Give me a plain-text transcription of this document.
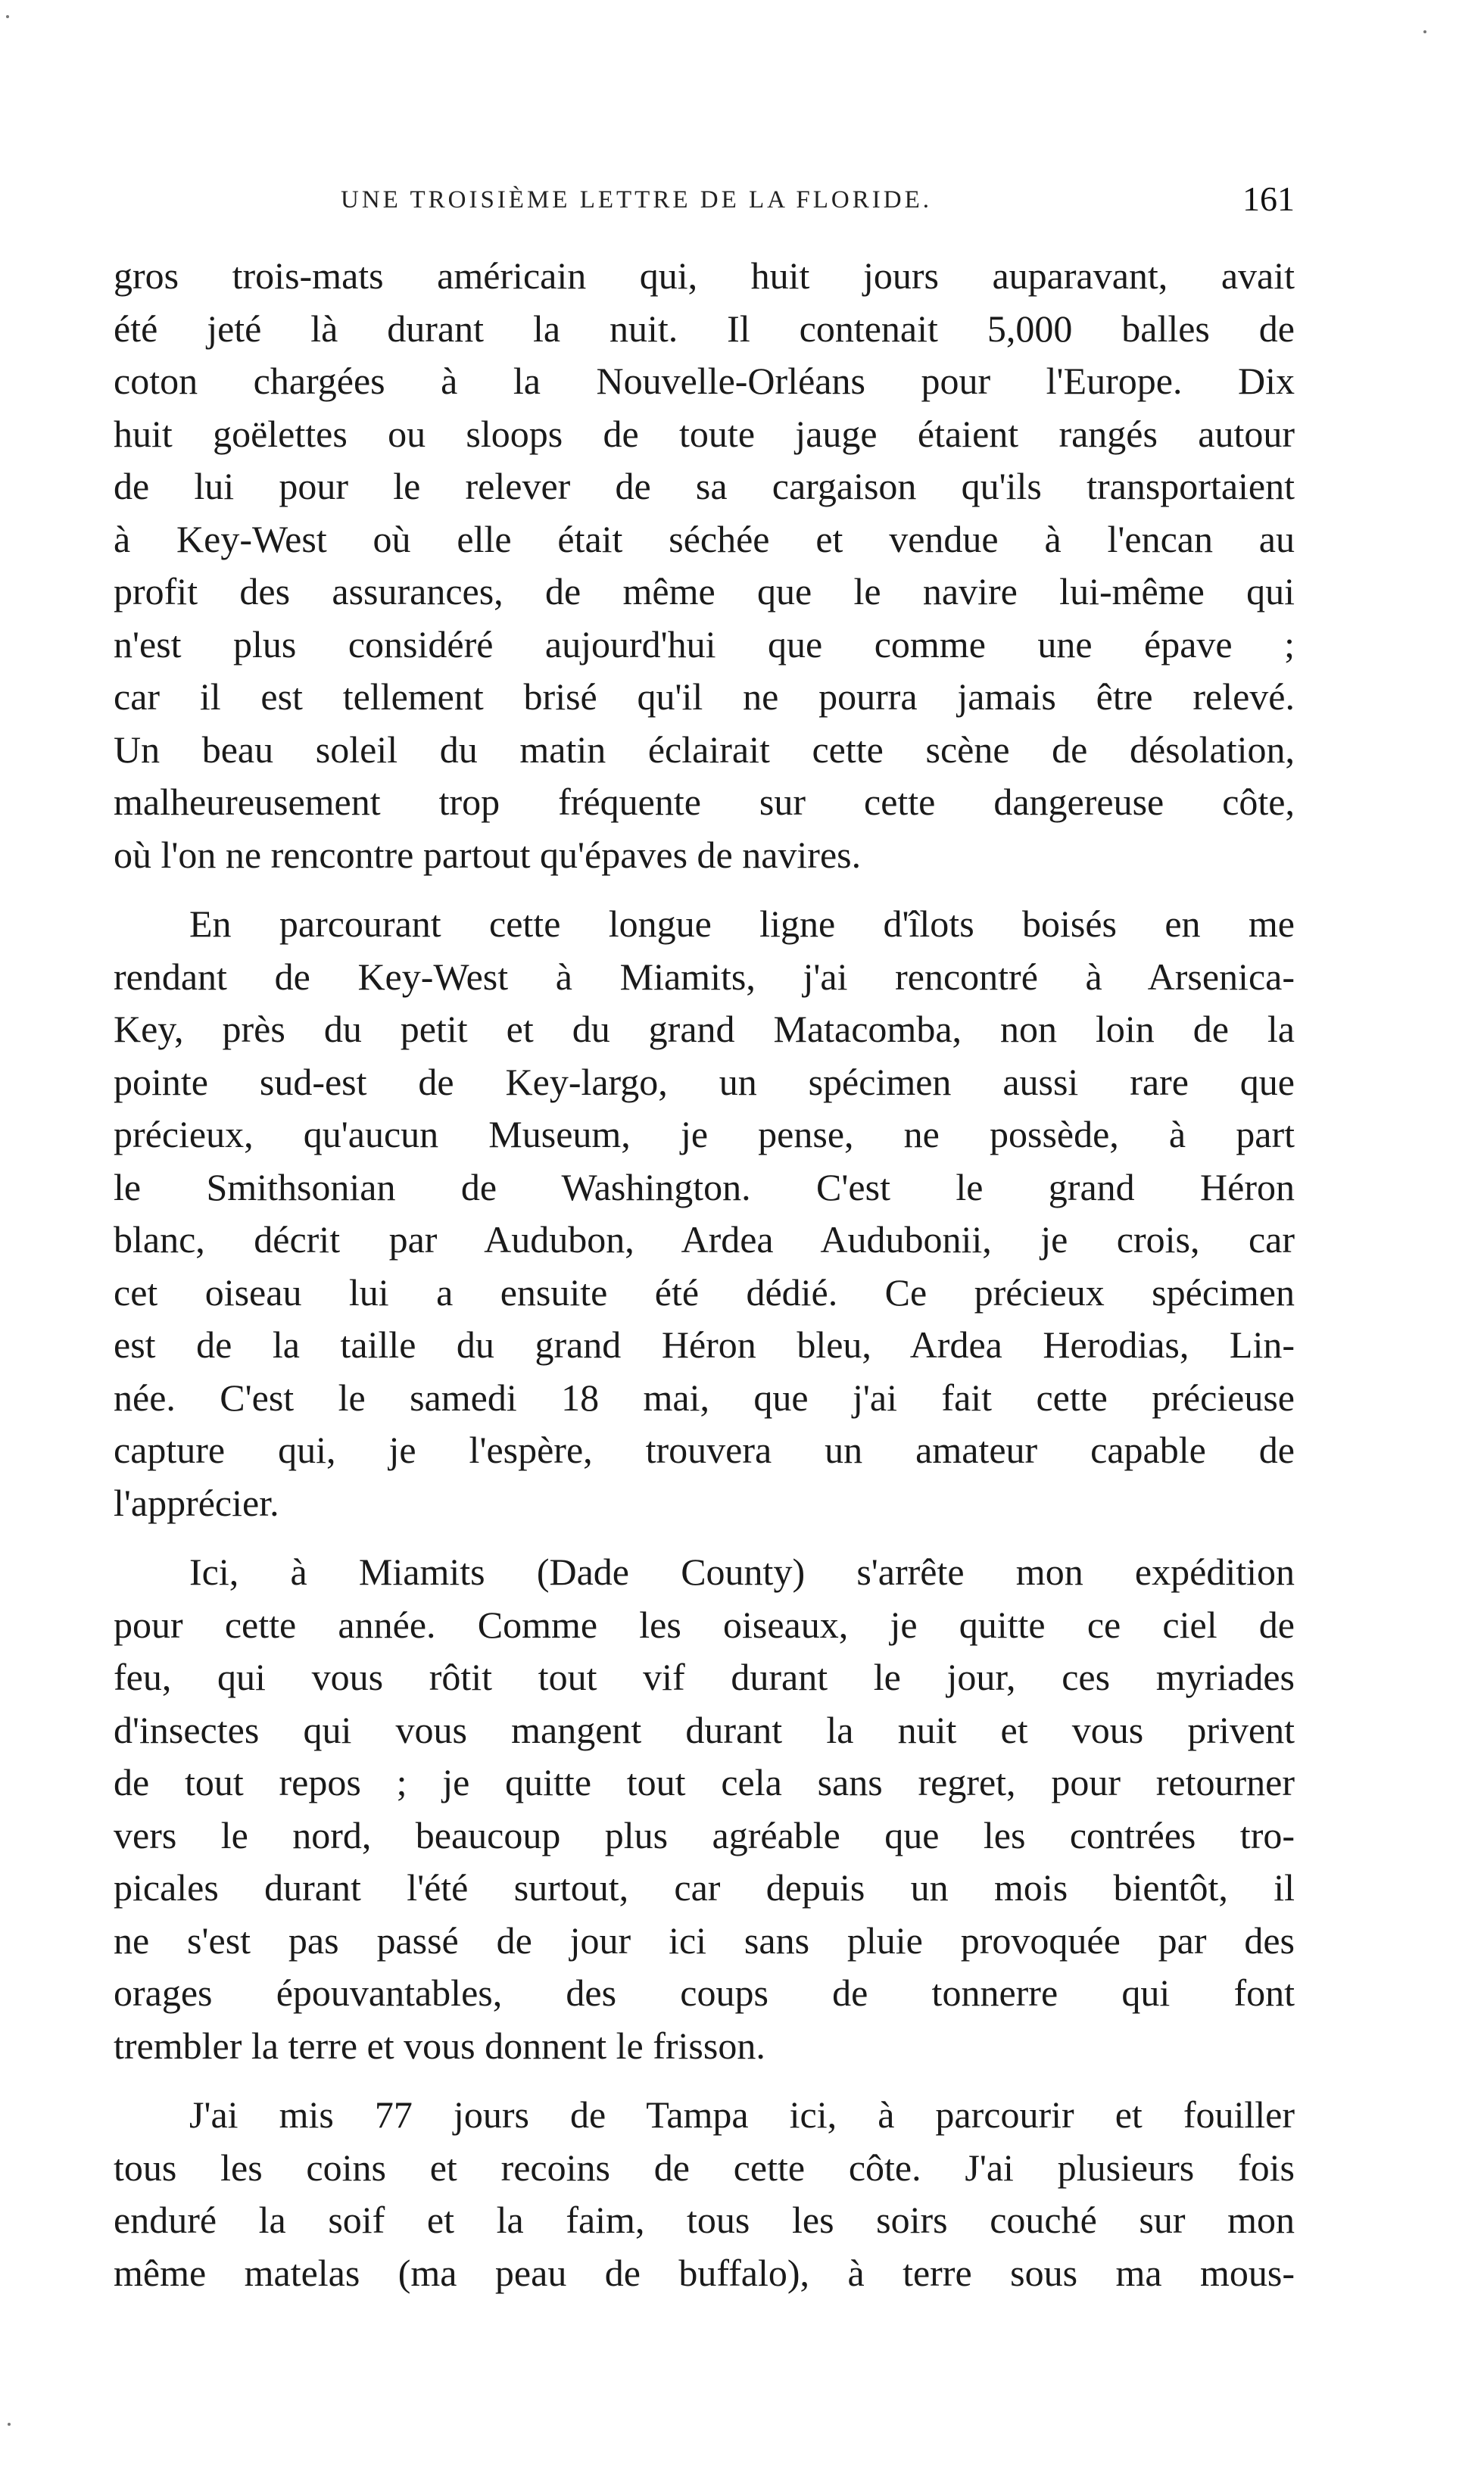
UNE TROISIÈME LETTRE DE LA FLORIDE.	161
gros trois-mats américain qui, huit jours auparavant, avait
été jeté là durant la nuit. Il contenait 5,000 balles de
coton chargées à la Nouvelle-Orléans pour l'Europe. Dix
huit goëlettes ou sloops de toute jauge étaient rangés autour
de lui pour le relever de sa cargaison qu'ils transportaient
à Key-West où elle était séchée et vendue à l'encan au
profit des assurances, de même que le navire lui-même qui
n'est plus considéré aujourd'hui que comme une épave ;
car il est tellement brisé qu'il ne pourra jamais être relevé.
Un beau soleil du matin éclairait cette scène de désolation,
malheureusement trop fréquente sur cette dangereuse côte,
où l'on ne rencontre partout qu'épaves de navires.
En parcourant cette longue ligne d'îlots boisés en me
rendant de Key-West à Miamits, j'ai rencontré à Arsenica-
Key, près du petit et du grand Matacomba, non loin de la
pointe sud-est de Key-largo, un spécimen aussi rare que
précieux, qu'aucun Museum, je pense, ne possède, à part
le Smithsonian de Washington. C'est le grand Héron
blanc, décrit par Audubon, Ardea Audubonii, je crois, car
cet oiseau lui a ensuite été dédié. Ce précieux spécimen
est de la taille du grand Héron bleu, Ardea Herodias, Lin-
née. C'est le samedi 18 mai, que j'ai fait cette précieuse
capture qui, je l'espère, trouvera un amateur capable de
l'apprécier.
Ici, à Miamits (Dade County) s'arrête mon expédition
pour cette année. Comme les oiseaux, je quitte ce ciel de
feu, qui vous rôtit tout vif durant le jour, ces myriades
d'insectes qui vous mangent durant la nuit et vous privent
de tout repos ; je quitte tout cela sans regret, pour retourner
vers le nord, beaucoup plus agréable que les contrées tro-
picales durant l'été surtout, car depuis un mois bientôt, il
ne s'est pas passé de jour ici sans pluie provoquée par des
orages épouvantables, des coups de tonnerre qui font
trembler la terre et vous donnent le frisson.
J'ai mis 77 jours de Tampa ici, à parcourir et fouiller
tous les coins et recoins de cette côte. J'ai plusieurs fois
enduré la soif et la faim, tous les soirs couché sur mon
même matelas (ma peau de buffalo), à terre sous ma mous-
